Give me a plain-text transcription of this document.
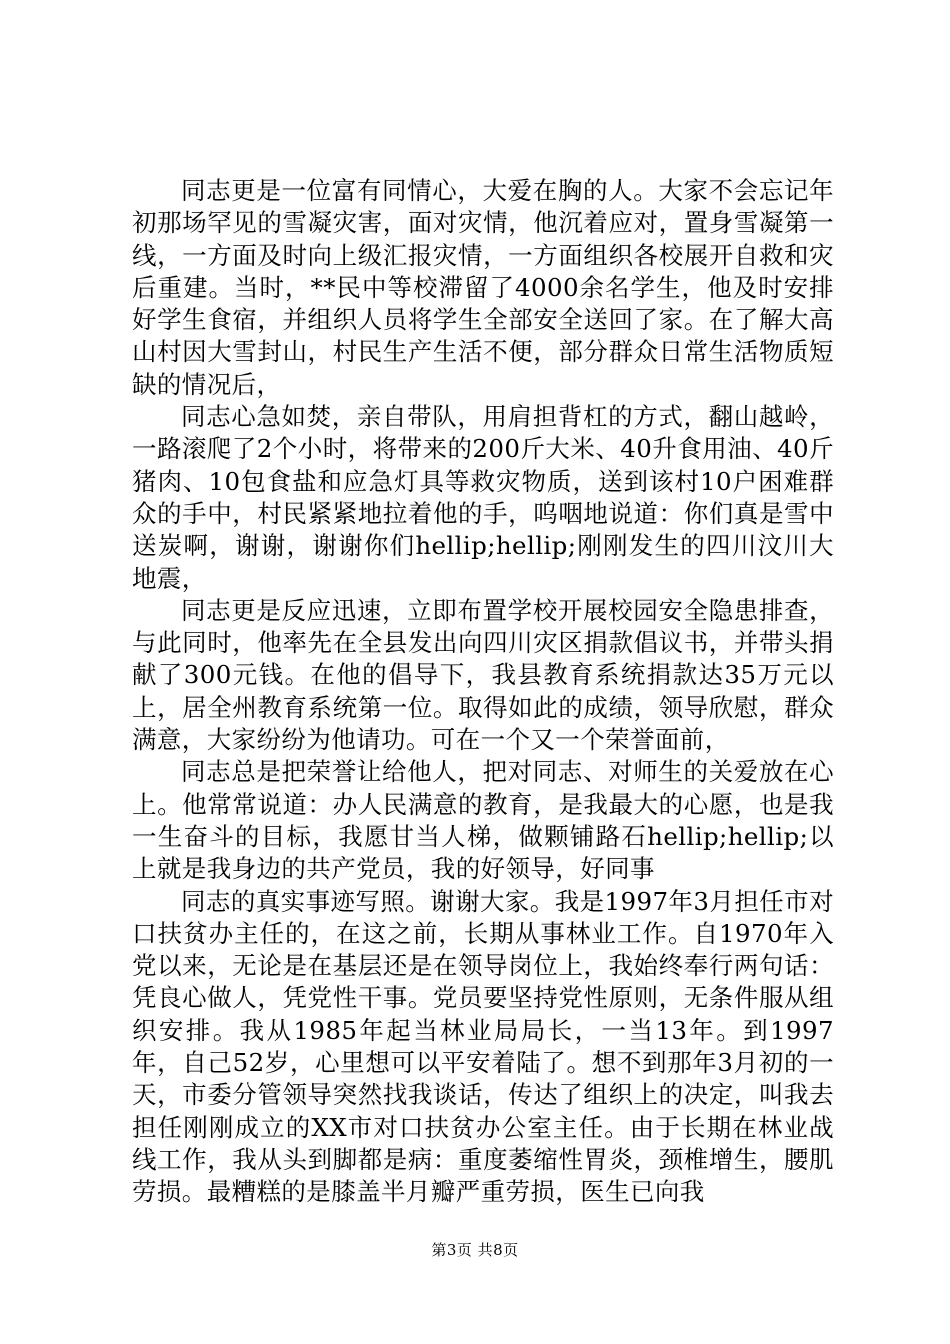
同志更是一位富有同情心，大爱在胸的人。大家不会忘记年初那场罕见的雪凝灾害，面对灾情，他沉着应对，置身雪凝第一线，一方面及时向上级汇报灾情，一方面组织各校展开自救和灾后重建。当时，**民中等校滞留了4000余名学生，他及时安排好学生食宿，并组织人员将学生全部安全送回了家。在了解大高山村因大雪封山，村民生产生活不便，部分群众日常生活物质短缺的情况后，

同志心急如焚，亲自带队，用肩担背杠的方式，翻山越岭，一路滚爬了2个小时，将带来的200斤大米、40升食用油、40斤猪肉、10包食盐和应急灯具等救灾物质，送到该村10户困难群众的手中，村民紧紧地拉着他的手，呜咽地说道：你们真是雪中送炭啊，谢谢，谢谢你们hellip;hellip;刚刚发生的四川汶川大地震，

同志更是反应迅速，立即布置学校开展校园安全隐患排查，与此同时，他率先在全县发出向四川灾区捐款倡议书，并带头捐献了300元钱。在他的倡导下，我县教育系统捐款达35万元以上，居全州教育系统第一位。取得如此的成绩，领导欣慰，群众满意，大家纷纷为他请功。可在一个又一个荣誉面前，

同志总是把荣誉让给他人，把对同志、对师生的关爱放在心上。他常常说道：办人民满意的教育，是我最大的心愿，也是我一生奋斗的目标，我愿甘当人梯，做颗铺路石hellip;hellip;以上就是我身边的共产党员，我的好领导，好同事

同志的真实事迹写照。谢谢大家。我是1997年3月担任市对口扶贫办主任的，在这之前，长期从事林业工作。自1970年入党以来，无论是在基层还是在领导岗位上，我始终奉行两句话：凭良心做人，凭党性干事。党员要坚持党性原则，无条件服从组织安排。我从1985年起当林业局局长，一当13年。到1997年，自己52岁，心里想可以平安着陆了。想不到那年3月初的一天，市委分管领导突然找我谈话，传达了组织上的决定，叫我去担任刚刚成立的XX市对口扶贫办公室主任。由于长期在林业战线工作，我从头到脚都是病：重度萎缩性胃炎，颈椎增生，腰肌劳损。最糟糕的是膝盖半月瓣严重劳损，医生已向我

第3页 共8页
